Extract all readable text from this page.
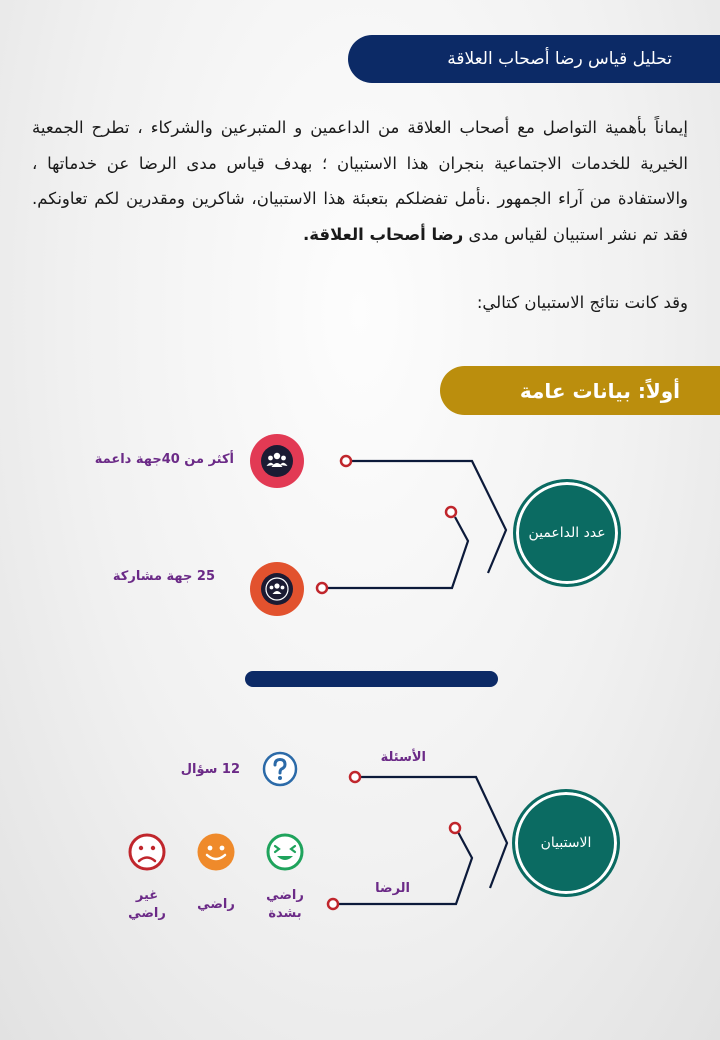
تحليل قياس رضا أصحاب العلاقة
إيماناً بأهمية التواصل مع أصحاب العلاقة من الداعمين و المتبرعين والشركاء ، تطرح الجمعية الخيرية للخدمات الاجتماعية بنجران هذا الاستبيان ؛ بهدف قياس مدى الرضا عن خدماتها ، والاستفادة من آراء الجمهور .نأمل تفضلكم بتعبئة هذا الاستبيان، شاكرين ومقدرين لكم تعاونكم. فقد تم نشر استبيان لقياس مدى رضا أصحاب العلاقة.
وقد كانت نتائج الاستبيان كتالي:
أولاً: بيانات عامة
عدد الداعمين
أكثر من 40جهة داعمة
25 جهة مشاركة
الاستبيان
الأسئلة
الرضا
12 سؤال
راضي بشدة
راضي
غير راضي
